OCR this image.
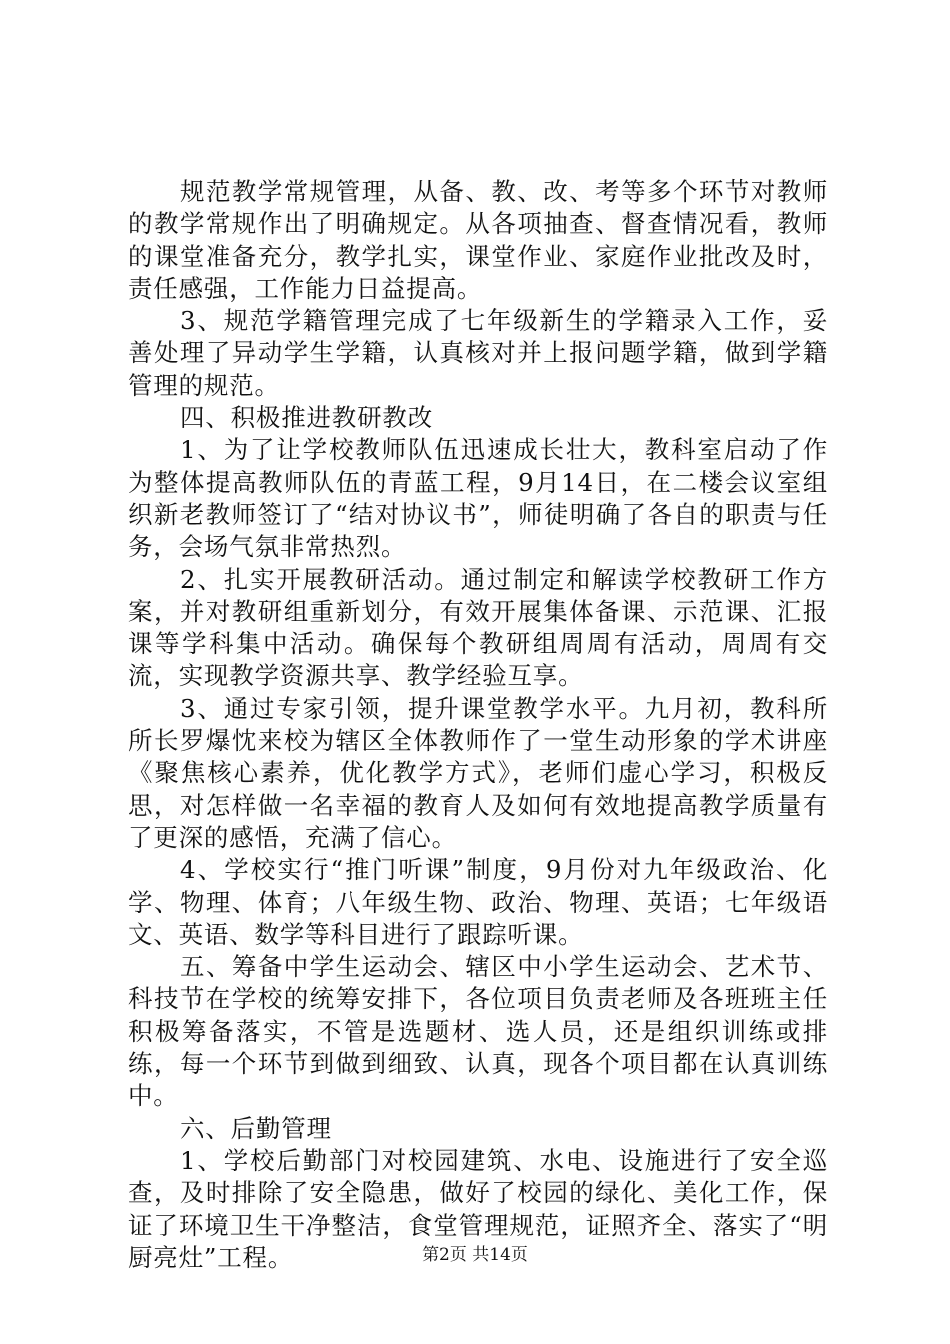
规范教学常规管理，从备、教、改、考等多个环节对教师的教学常规作出了明确规定。从各项抽查、督查情况看，教师的课堂准备充分，教学扎实，课堂作业、家庭作业批改及时，责任感强，工作能力日益提高。

3、规范学籍管理完成了七年级新生的学籍录入工作，妥善处理了异动学生学籍，认真核对并上报问题学籍，做到学籍管理的规范。

四、积极推进教研教改

1、为了让学校教师队伍迅速成长壮大，教科室启动了作为整体提高教师队伍的青蓝工程，9月14日，在二楼会议室组织新老教师签订了“结对协议书”，师徒明确了各自的职责与任务，会场气氛非常热烈。

2、扎实开展教研活动。通过制定和解读学校教研工作方案，并对教研组重新划分，有效开展集体备课、示范课、汇报课等学科集中活动。确保每个教研组周周有活动，周周有交流，实现教学资源共享、教学经验互享。

3、通过专家引领，提升课堂教学水平。九月初，教科所所长罗爆忱来校为辖区全体教师作了一堂生动形象的学术讲座《聚焦核心素养，优化教学方式》，老师们虚心学习，积极反思，对怎样做一名幸福的教育人及如何有效地提高教学质量有了更深的感悟，充满了信心。

4、学校实行“推门听课”制度，9月份对九年级政治、化学、物理、体育；八年级生物、政治、物理、英语；七年级语文、英语、数学等科目进行了跟踪听课。

五、筹备中学生运动会、辖区中小学生运动会、艺术节、科技节在学校的统筹安排下，各位项目负责老师及各班班主任积极筹备落实，不管是选题材、选人员，还是组织训练或排练，每一个环节到做到细致、认真，现各个项目都在认真训练中。

六、后勤管理

1、学校后勤部门对校园建筑、水电、设施进行了安全巡查，及时排除了安全隐患，做好了校园的绿化、美化工作，保证了环境卫生干净整洁，食堂管理规范，证照齐全、落实了“明厨亮灶”工程。	第2页 共14页
